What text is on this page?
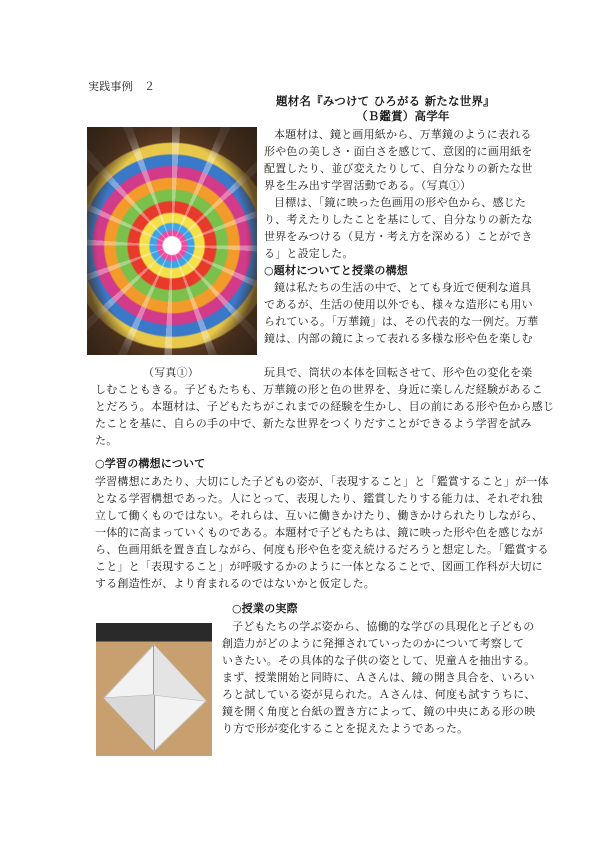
実践事例　２
題材名『みつけて ひろがる 新たな世界』
（Ｂ鑑賞）高学年
（写真①）
本題材は、鏡と画用紙から、万華鏡のように表れる
形や色の美しさ・面白さを感じて、意図的に画用紙を
配置したり、並び変えたりして、自分なりの新たな世
界を生み出す学習活動である。（写真①）
目標は、「鏡に映った色画用の形や色から、感じた
り、考えたりしたことを基にして、自分なりの新たな
世界をみつける（見方・考え方を深める）ことができ
る」と設定した。
○題材についてと授業の構想
鏡は私たちの生活の中で、とても身近で便利な道具
であるが、生活の使用以外でも、様々な造形にも用い
られている。「万華鏡」は、その代表的な一例だ。万華
鏡は、内部の鏡によって表れる多様な形や色を楽しむ
玩具で、筒状の本体を回転させて、形や色の変化を楽
しむこともきる。子どもたちも、万華鏡の形と色の世界を、身近に楽しんだ経験があるこ
とだろう。本題材は、子どもたちがこれまでの経験を生かし、目の前にある形や色から感じ
たことを基に、自らの手の中で、新たな世界をつくりだすことができるよう学習を試み
た。
○学習の構想について
学習構想にあたり、大切にした子どもの姿が、「表現すること」と「鑑賞すること」が一体
となる学習構想であった。人にとって、表現したり、鑑賞したりする能力は、それぞれ独
立して働くものではない。それらは、互いに働きかけたり、働きかけられたりしながら、
一体的に高まっていくものである。本題材で子どもたちは、鏡に映った形や色を感じなが
ら、色画用紙を置き直しながら、何度も形や色を変え続けるだろうと想定した。「鑑賞する
こと」と「表現すること」が呼吸するかのように一体となることで、図画工作科が大切に
する創造性が、より育まれるのではないかと仮定した。
○授業の実際
子どもたちの学ぶ姿から、協働的な学びの具現化と子どもの
創造力がどのように発揮されていったのかについて考察して
いきたい。その具体的な子供の姿として、児童Ａを抽出する。
まず、授業開始と同時に、Ａさんは、鏡の開き具合を、いろい
ろと試している姿が見られた。Ａさんは、何度も試すうちに、
鏡を開く角度と台紙の置き方によって、鏡の中央にある形の映
り方で形が変化することを捉えたようであった。
